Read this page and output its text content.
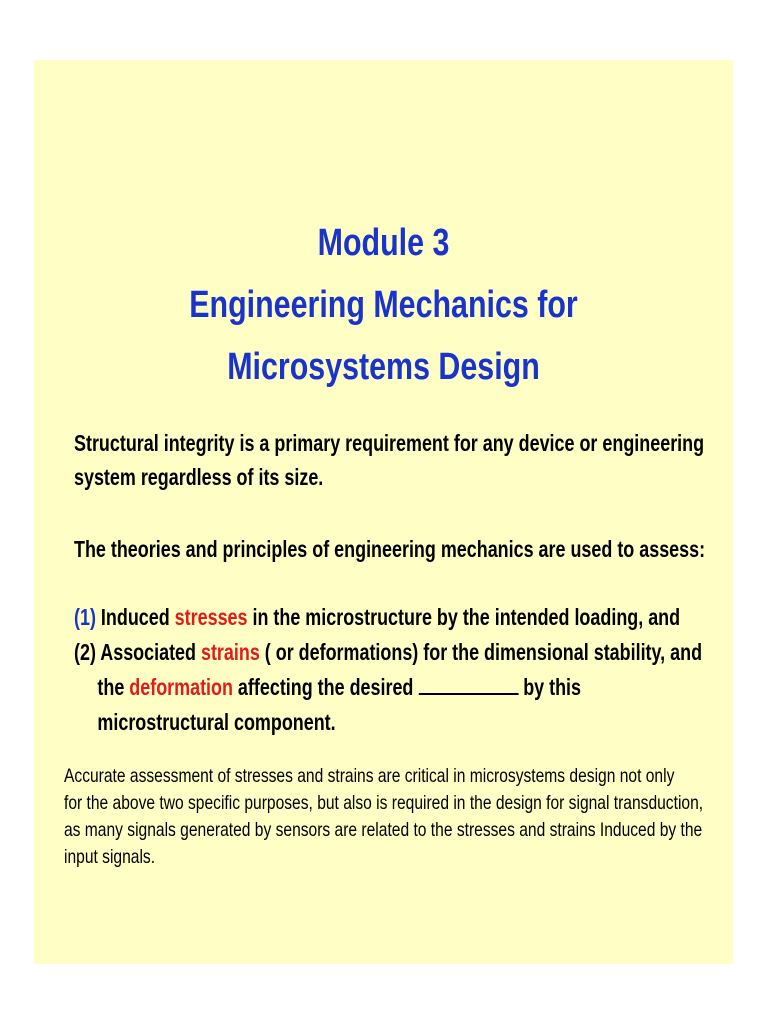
Module 3
Engineering Mechanics for
Microsystems Design
Structural integrity is a primary requirement for any device or engineering
system regardless of its size.
The theories and principles of engineering mechanics are used to assess:
(1) Induced stresses in the microstructure by the intended loading, and
(2) Associated strains ( or deformations) for the dimensional stability, and
the deformation affecting the desired	by this
microstructural component.
Accurate assessment of stresses and strains are critical in microsystems design not only
for the above two specific purposes, but also is required in the design for signal transduction,
as many signals generated by sensors are related to the stresses and strains Induced by the
input signals.
